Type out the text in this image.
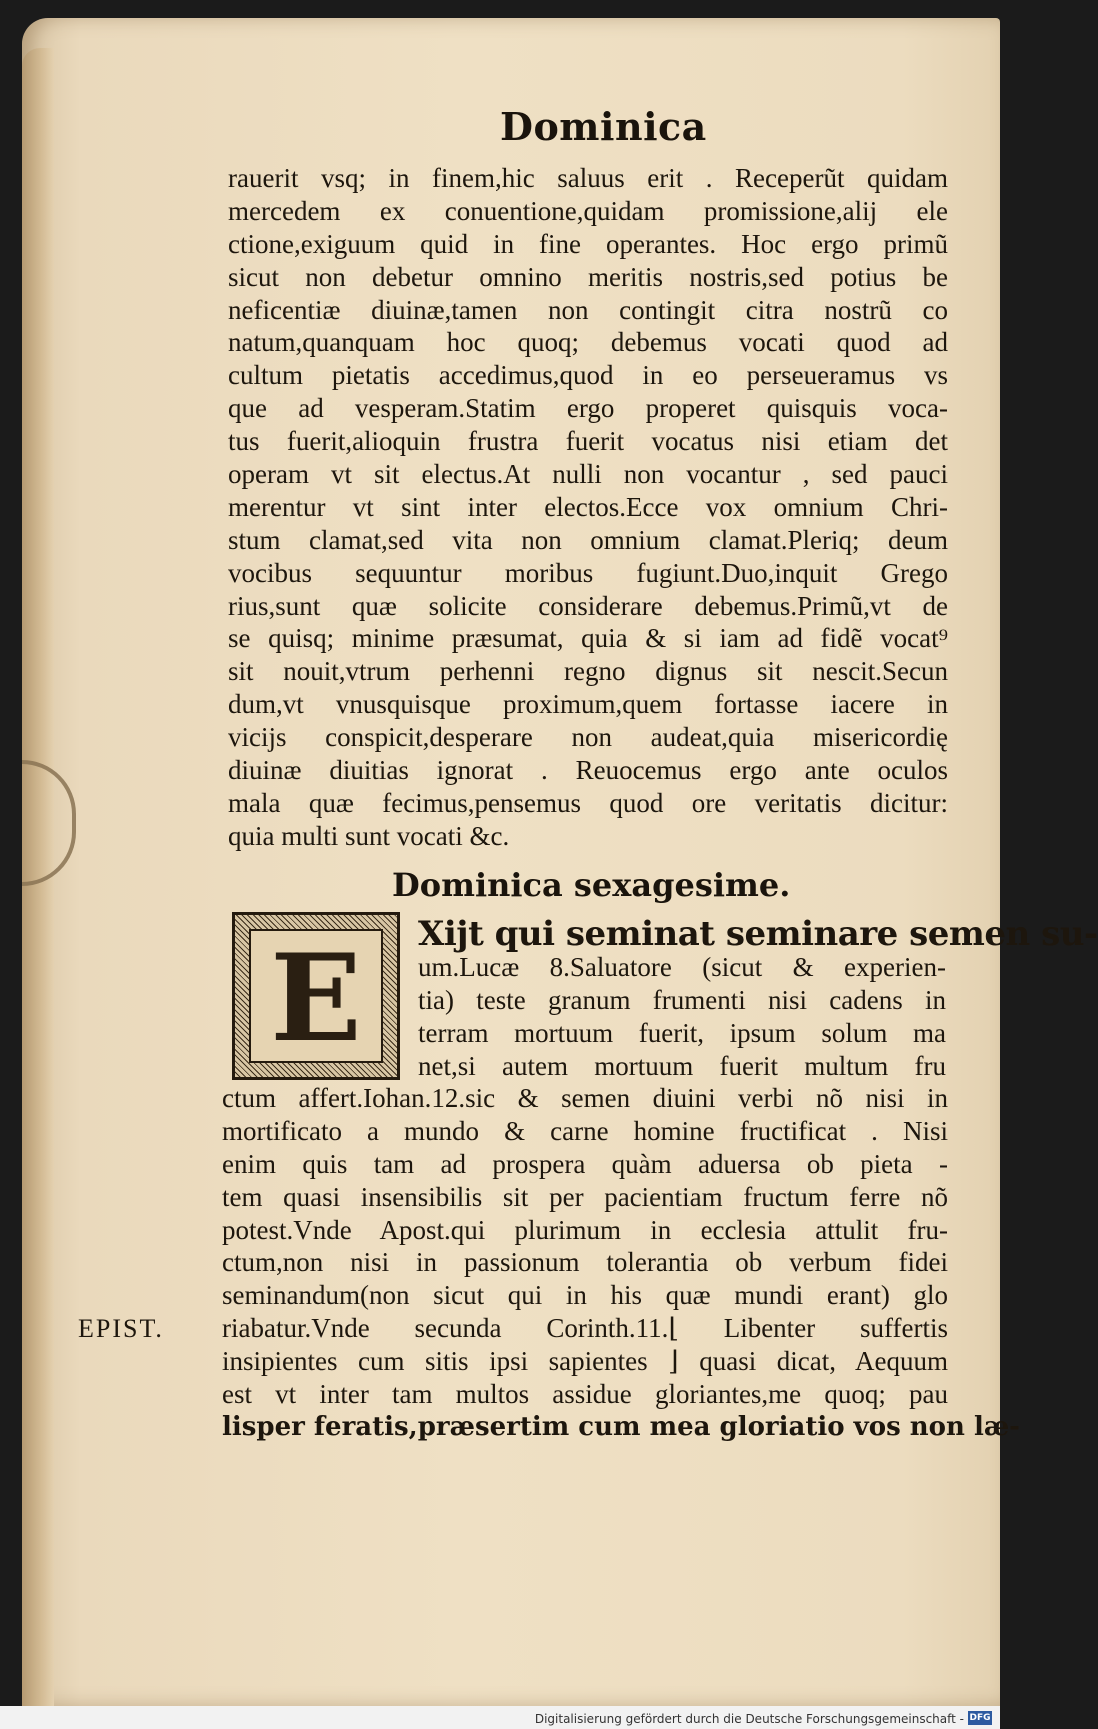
Dominica
rauerit vsq; in finem,hic saluus erit . Receperũt quidam
mercedem ex conuentione,quidam promissione,alij ele
ctione,exiguum quid in fine operantes. Hoc ergo primũ
sicut non debetur omnino meritis nostris,sed potius be
neficentiæ diuinæ,tamen non contingit citra nostrũ co
natum,quanquam hoc quoq; debemus vocati quod ad
cultum pietatis accedimus,quod in eo perseueramus vs
que ad vesperam.Statim ergo properet quisquis voca-
tus fuerit,alioquin frustra fuerit vocatus nisi etiam det
operam vt sit electus.At nulli non vocantur , sed pauci
merentur vt sint inter electos.Ecce vox omnium Chri-
stum clamat,sed vita non omnium clamat.Pleriq; deum
vocibus sequuntur moribus fugiunt.Duo,inquit Grego
rius,sunt quæ solicite considerare debemus.Primũ,vt de
se quisq; minime præsumat, quia & si iam ad fidẽ vocat⁹
sit nouit,vtrum perhenni regno dignus sit nescit.Secun
dum,vt vnusquisque proximum,quem fortasse iacere in
vicijs conspicit,desperare non audeat,quia misericordię
diuinæ diuitias ignorat . Reuocemus ergo ante oculos
mala quæ fecimus,pensemus quod ore veritatis dicitur:
quia multi sunt vocati &c.
Dominica sexagesime.
E	Xijt qui seminat seminare semen su-
um.Lucæ 8.Saluatore (sicut & experien-
tia) teste granum frumenti nisi cadens in
terram mortuum fuerit, ipsum solum ma
net,si autem mortuum fuerit multum fru
ctum affert.Iohan.12.sic & semen diuini verbi nõ nisi in
mortificato a mundo & carne homine fructificat . Nisi
enim quis tam ad prospera quàm aduersa ob pieta -
tem quasi insensibilis sit per pacientiam fructum ferre nõ
potest.Vnde Apost.qui plurimum in ecclesia attulit fru-
ctum,non nisi in passionum tolerantia ob verbum fidei
seminandum(non sicut qui in his quæ mundi erant) glo
riabatur.Vnde secunda Corinth.11.⌊ Libenter suffertis
insipientes cum sitis ipsi sapientes ⌋ quasi dicat, Aequum
est vt inter tam multos assidue gloriantes,me quoq; pau
lisper feratis,præsertim cum mea gloriatio vos non læ-
EPIST.
Digitalisierung gefördert durch die Deutsche Forschungsgemeinschaft - DFG
